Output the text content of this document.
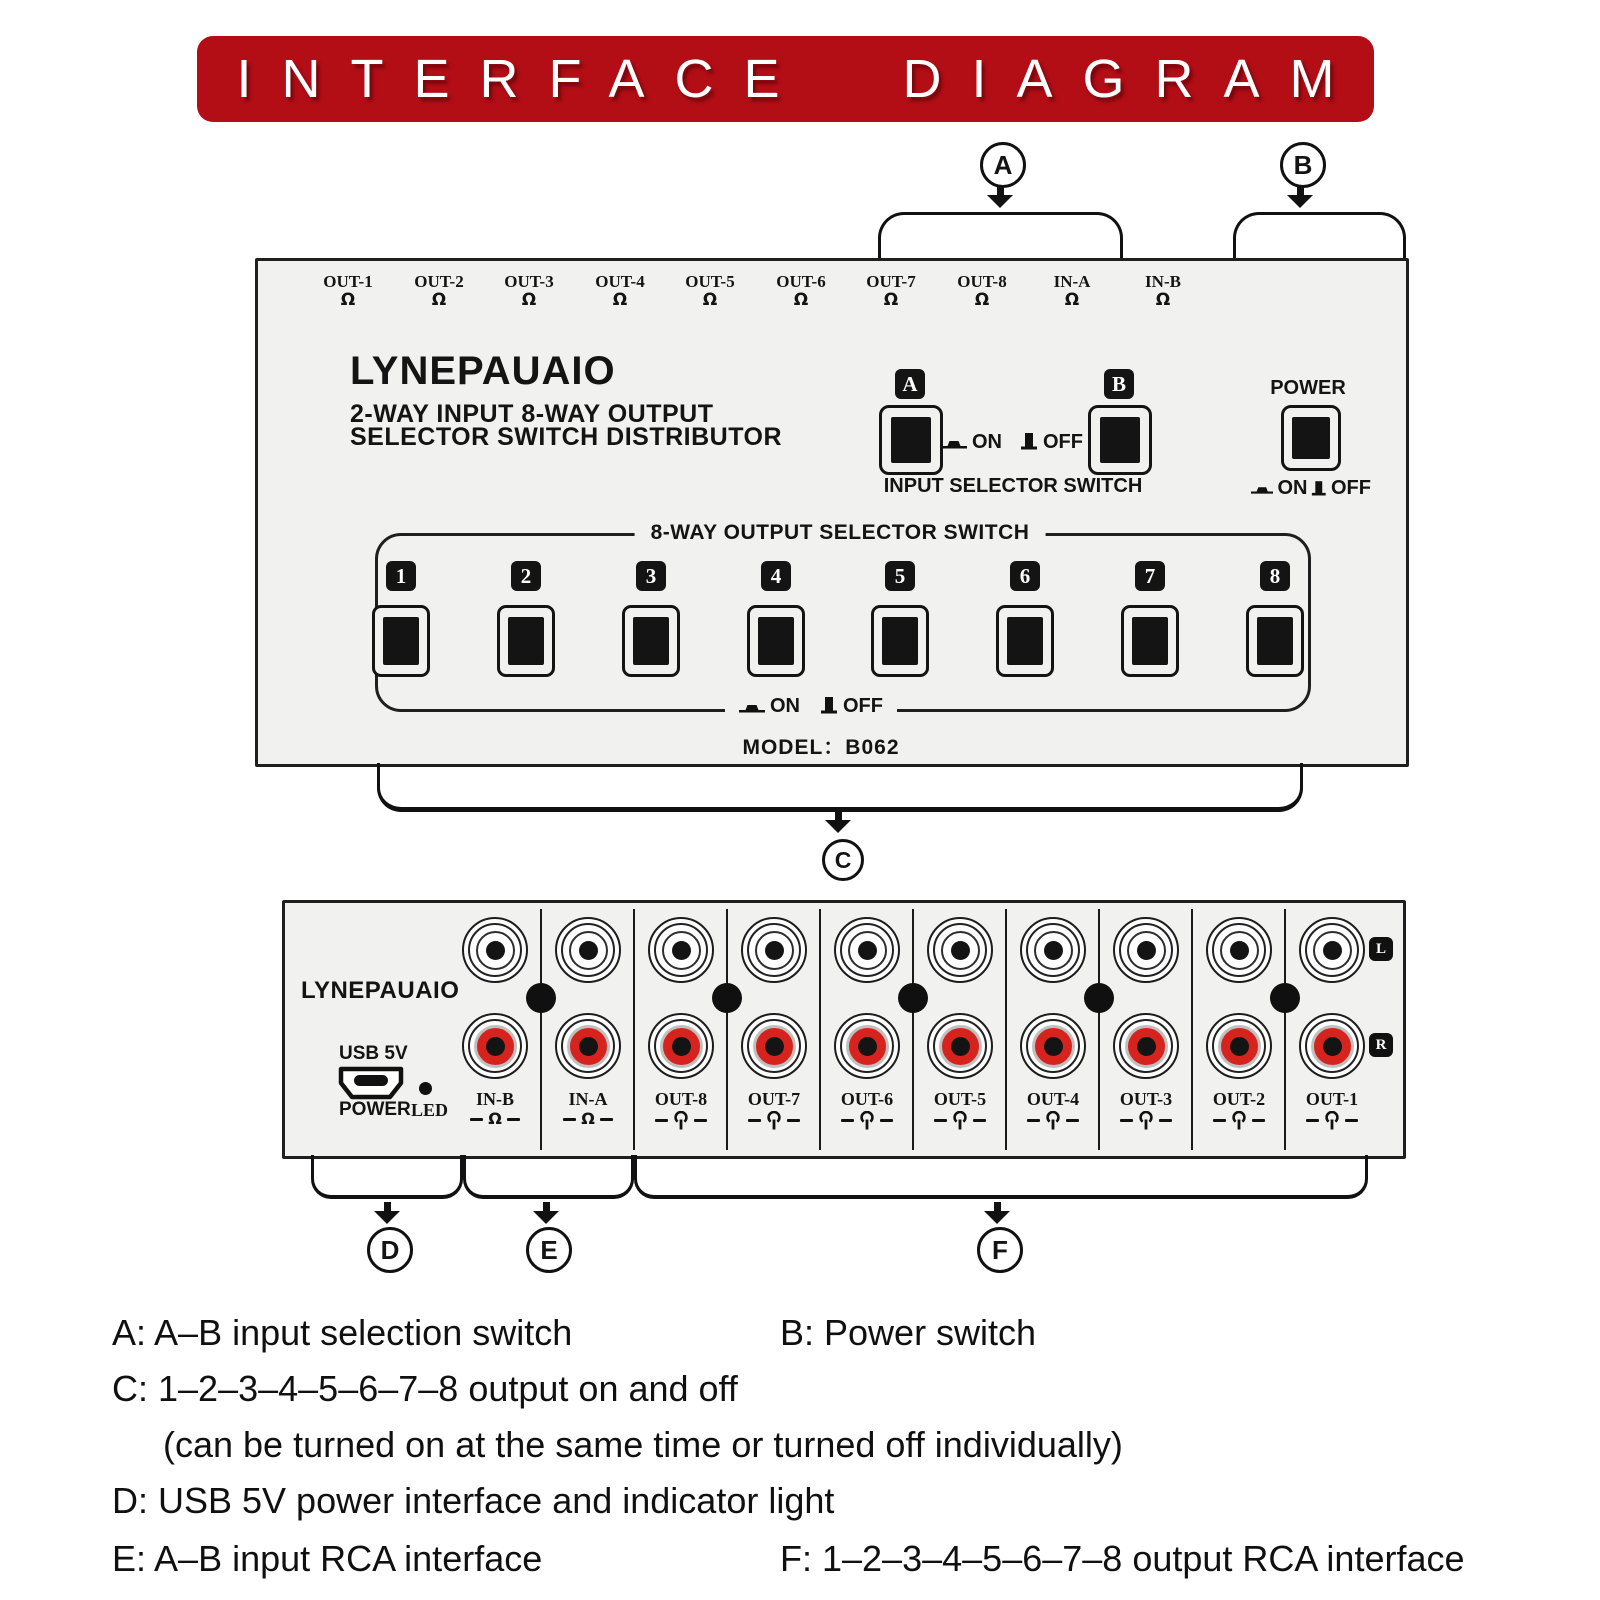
INTERFACE DIAGRAM
A	B
OUT-1
Ω
OUT-2
Ω
OUT-3
Ω
OUT-4
Ω
OUT-5
Ω
OUT-6
Ω
OUT-7
Ω
OUT-8
Ω
IN-A
Ω
IN-B
Ω
LYNEPAUAIO
2-WAY INPUT 8-WAY OUTPUT
SELECTOR SWITCH DISTRIBUTOR
A
ON OFF
B
INPUT SELECTOR SWITCH
POWER
ON OFF
8-WAY OUTPUT SELECTOR SWITCH
1	2	3	4	5	6	7	8
ON OFF
MODEL：B062
C
LYNEPAUAIO
USB 5V
POWER LED
IN-B
Ω
IN-A
Ω
OUT-8	OUT-7	OUT-6	OUT-5	OUT-4	OUT-3	OUT-2	OUT-1
L
R
D	E	F
A: A–B input selection switch	B: Power switch
C: 1–2–3–4–5–6–7–8 output on and off
(can be turned on at the same time or turned off individually)
D: USB 5V power interface and indicator light
E: A–B input RCA interface	F: 1–2–3–4–5–6–7–8 output RCA interface
